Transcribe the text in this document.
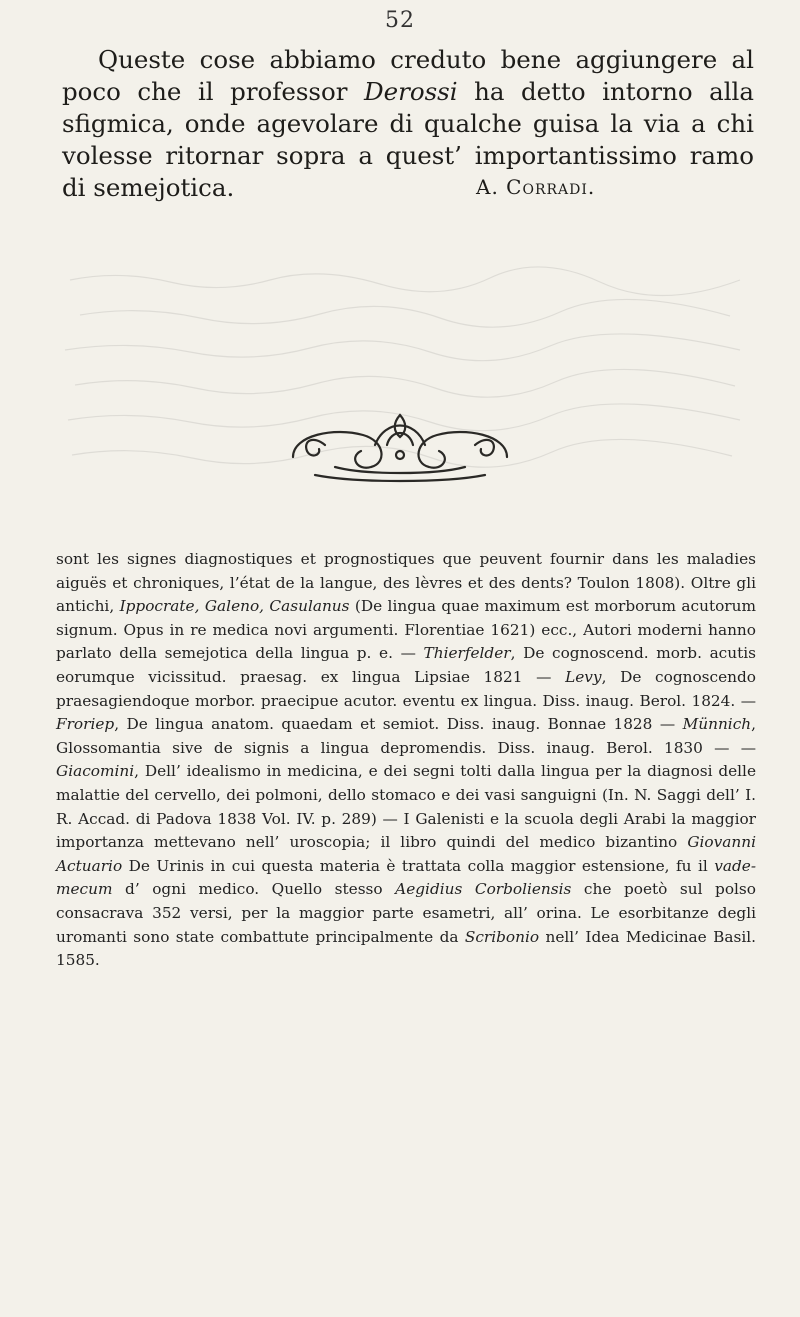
52

Queste cose abbiamo creduto bene aggiungere al poco che il professor Derossi ha detto intorno alla sfigmica, onde agevolare di qualche guisa la via a chi volesse ritornar sopra a quest’ importantissimo ramo di semejotica.	A. Corradi.

sont les signes diagnostiques et prognostiques que peuvent fournir dans les maladies aiguës et chroniques, l’état de la langue, des lèvres et des dents? Toulon 1808). Oltre gli antichi, Ippocrate, Galeno, Casulanus (De lingua quae maximum est morborum acutorum signum. Opus in re medica novi argumenti. Florentiae 1621) ecc., Autori moderni hanno parlato della semejotica della lingua p. e. — Thierfelder, De cognoscend. morb. acutis eorumque vicissitud. praesag. ex lingua Lipsiae 1821 — Levy, De cognoscendo praesagiendoque morbor. praecipue acutor. eventu ex lingua. Diss. inaug. Berol. 1824. — Froriep, De lingua anatom. quaedam et semiot. Diss. inaug. Bonnae 1828 — Münnich, Glossomantia sive de signis a lingua depromendis. Diss. inaug. Berol. 1830 — — Giacomini, Dell’ idealismo in medicina, e dei segni tolti dalla lingua per la diagnosi delle malattie del cervello, dei polmoni, dello stomaco e dei vasi sanguigni (In. N. Saggi dell’ I. R. Accad. di Padova 1838 Vol. IV. p. 289) — I Galenisti e la scuola degli Arabi la maggior importanza mettevano nell’ uroscopia; il libro quindi del medico bizantino Giovanni Actuario De Urinis in cui questa materia è trattata colla maggior estensione, fu il vade-mecum d’ ogni medico. Quello stesso Aegidius Corboliensis che poetò sul polso consacrava 352 versi, per la maggior parte esametri, all’ orina. Le esorbitanze degli uromanti sono state combattute principalmente da Scribonio nell’ Idea Medicinae Basil. 1585.
